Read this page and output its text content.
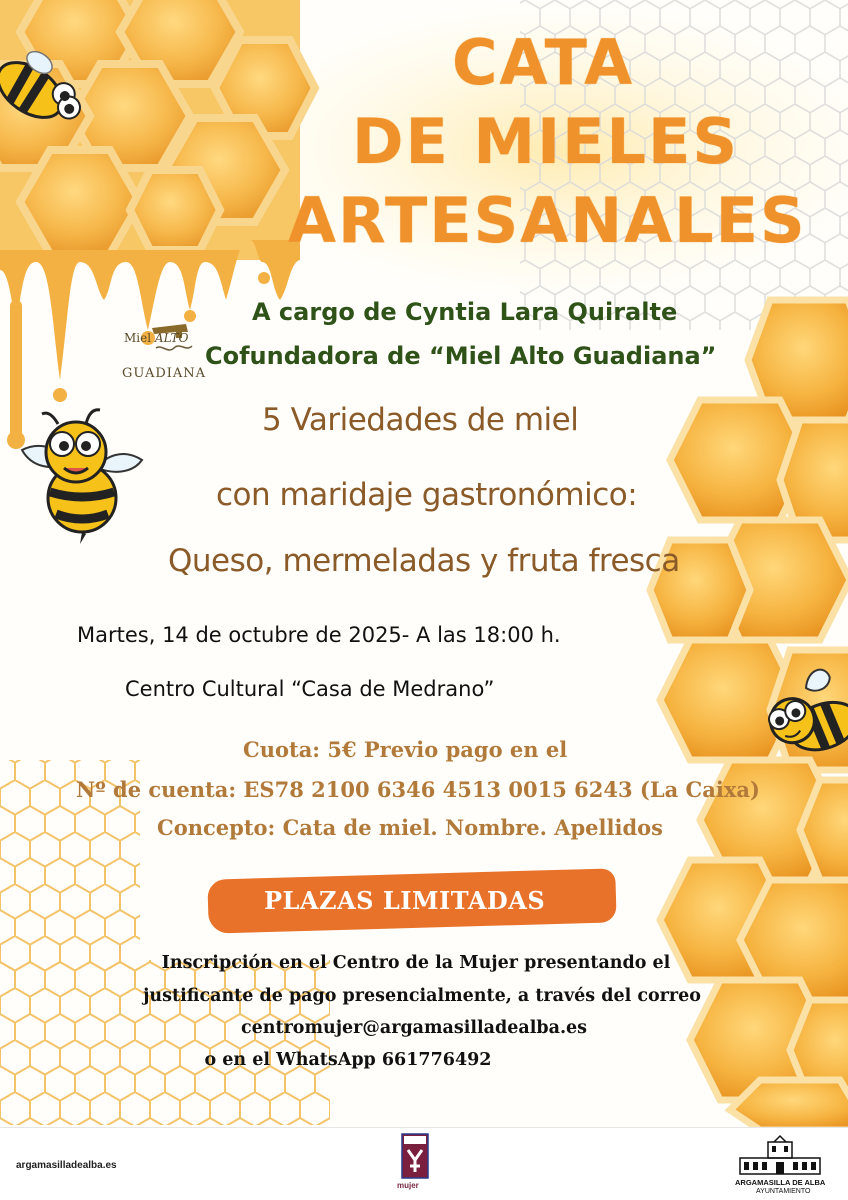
CATA
DE MIELES
ARTESANALES
A cargo de Cyntia Lara Quiralte
Cofundadora de “Miel Alto Guadiana”
Miel ALTO
GUADIANA
5 Variedades de miel
con maridaje gastronómico:
Queso, mermeladas y fruta fresca
Martes, 14 de octubre de 2025- A las 18:00 h.
Centro Cultural “Casa de Medrano”
Cuota: 5€ Previo pago en el
Nº de cuenta: ES78 2100 6346 4513 0015 6243 (La Caixa)
Concepto: Cata de miel. Nombre. Apellidos
PLAZAS LIMITADAS
Inscripción en el Centro de la Mujer presentando el
justificante de pago presencialmente, a través del correo
centromujer@argamasilladealba.es
o en el WhatsApp 661776492
argamasilladealba.es
mujer	ARGAMASILLA DE ALBA
AYUNTAMIENTO
